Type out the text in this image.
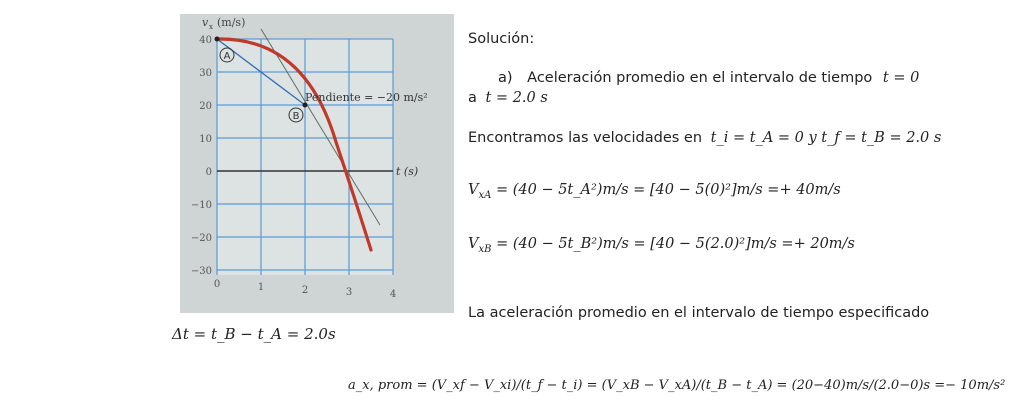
v x (m/s)
t (s)
40
30
20
10
0
−10
−20
−30
0	1	2	3	4
A
B
Pendiente = −20 m/s²
Solución:
a) Aceleración promedio en el intervalo de tiempo t = 0
a t = 2.0 s
Encontramos las velocidades en t_i = t_A = 0 y t_f = t_B = 2.0 s
$V_{xA} = (40$ − 5t_A²)m/s = [40 − 5(0)²]m/s =+ 40m/s
$V_{xB} = (40$ − 5t_B²)m/s = [40 − 5(2.0)²]m/s =+ 20m/s
La aceleración promedio en el intervalo de tiempo especificado
Δt = t_B − t_A = 2.0s
a_x, prom = (V_xf − V_xi)/(t_f − t_i) = (V_xB − V_xA)/(t_B − t_A) = (20−40)m/s/(2.0−0)s =− 10m/s²
